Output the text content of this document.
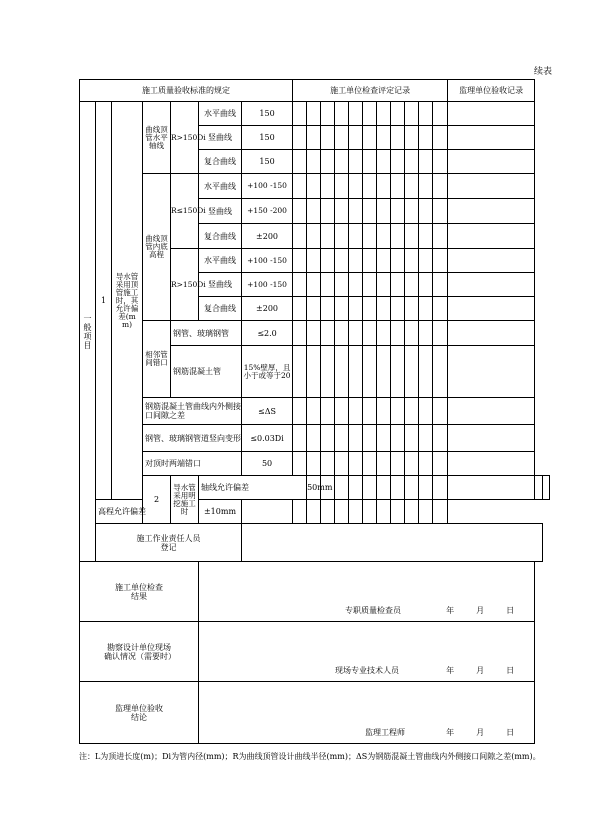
续表
施工质量验收标准的规定							施工单位检查评定记录											监理单位验收记录		
一般项目	1	导水管采用顶管施工时，其允许偏差(mm)	曲线顶管水平轴线	R>150Di	水平曲线	150														
					竖曲线	150														
					复合曲线	150														
			曲线顶管内底高程	R≤150Di	水平曲线	+100 -150														
					竖曲线	+150 -200														
					复合曲线	±200														
				R>150Di	水平曲线	+100 -150														
					竖曲线	+100 -150														
					复合曲线	±200														
			相邻管间错口	钢管、玻璃钢管		≤2.0														
				钢筋混凝土管		15%壁厚，且小于或等于20														
			钢筋混凝土管曲线内外侧接口间隙之差			≤ΔS														
			钢管、玻璃钢管道竖向变形			≤0.03Di														
			对顶时两端错口			50														
			2	导水管采用明挖施工时	轴线允许偏差			50mm												
	高程允许偏差				±10mm															
	施工作业责任人员登记																			
施工单位检查结果					专职质量检查员 年 月 日															

勘察设计单位现场确认情况（需要时）					现场专业技术人员 年 月 日															

监理单位验收结论					监理工程师 年 月 日															
注：L为顶进长度(m)；Di为管内径(mm)；R为曲线顶管设计曲线半径(mm)；ΔS为钢筋混凝土管曲线内外侧接口间隙之差(mm)。
